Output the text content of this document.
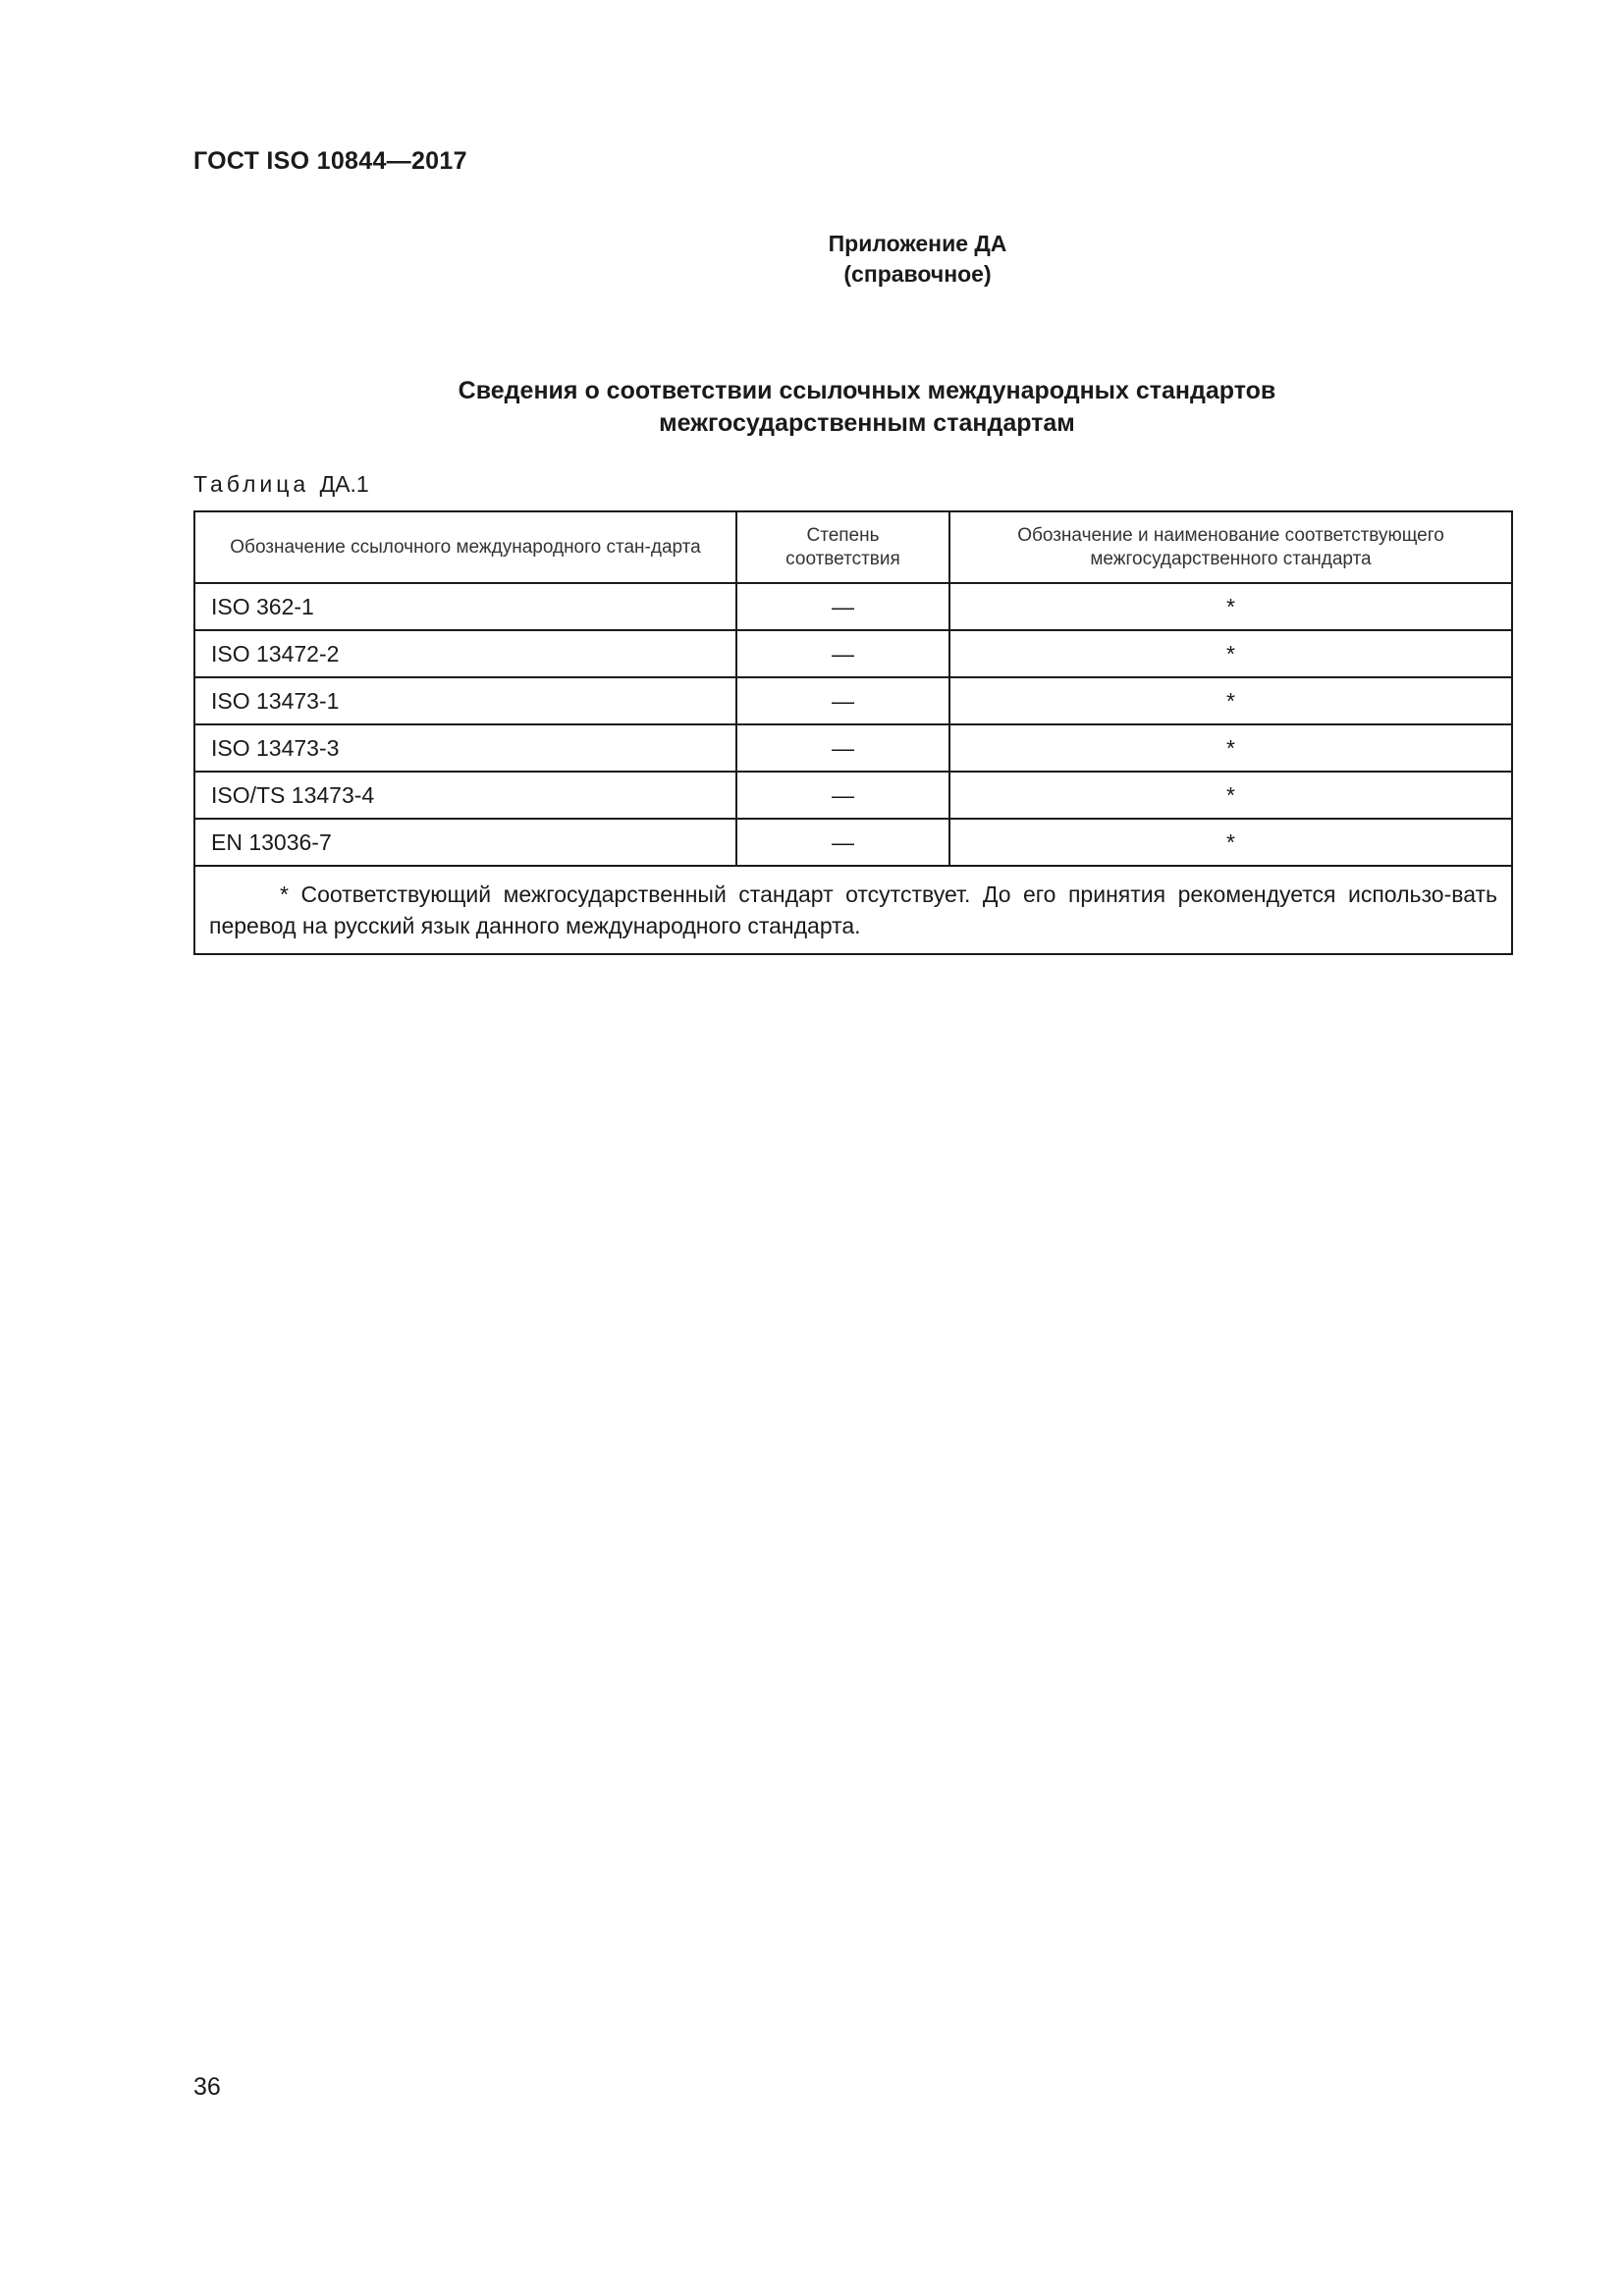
ГОСТ ISO 10844—2017
Приложение ДА
(справочное)
Сведения о соответствии ссылочных международных стандартов
межгосударственным стандартам
Таблица ДА.1
Обозначение ссылочного международного стан-дарта	Степень соответствия	Обозначение и наименование соответствующего межгосударственного стандарта
ISO 362-1	—	*
ISO 13472-2	—	*
ISO 13473-1	—	*
ISO 13473-3	—	*
ISO/TS 13473-4	—	*
EN 13036-7	—	*

* Соответствующий межгосударственный стандарт отсутствует. До его принятия рекомендуется использо-вать перевод на русский язык данного международного стандарта.		
36
